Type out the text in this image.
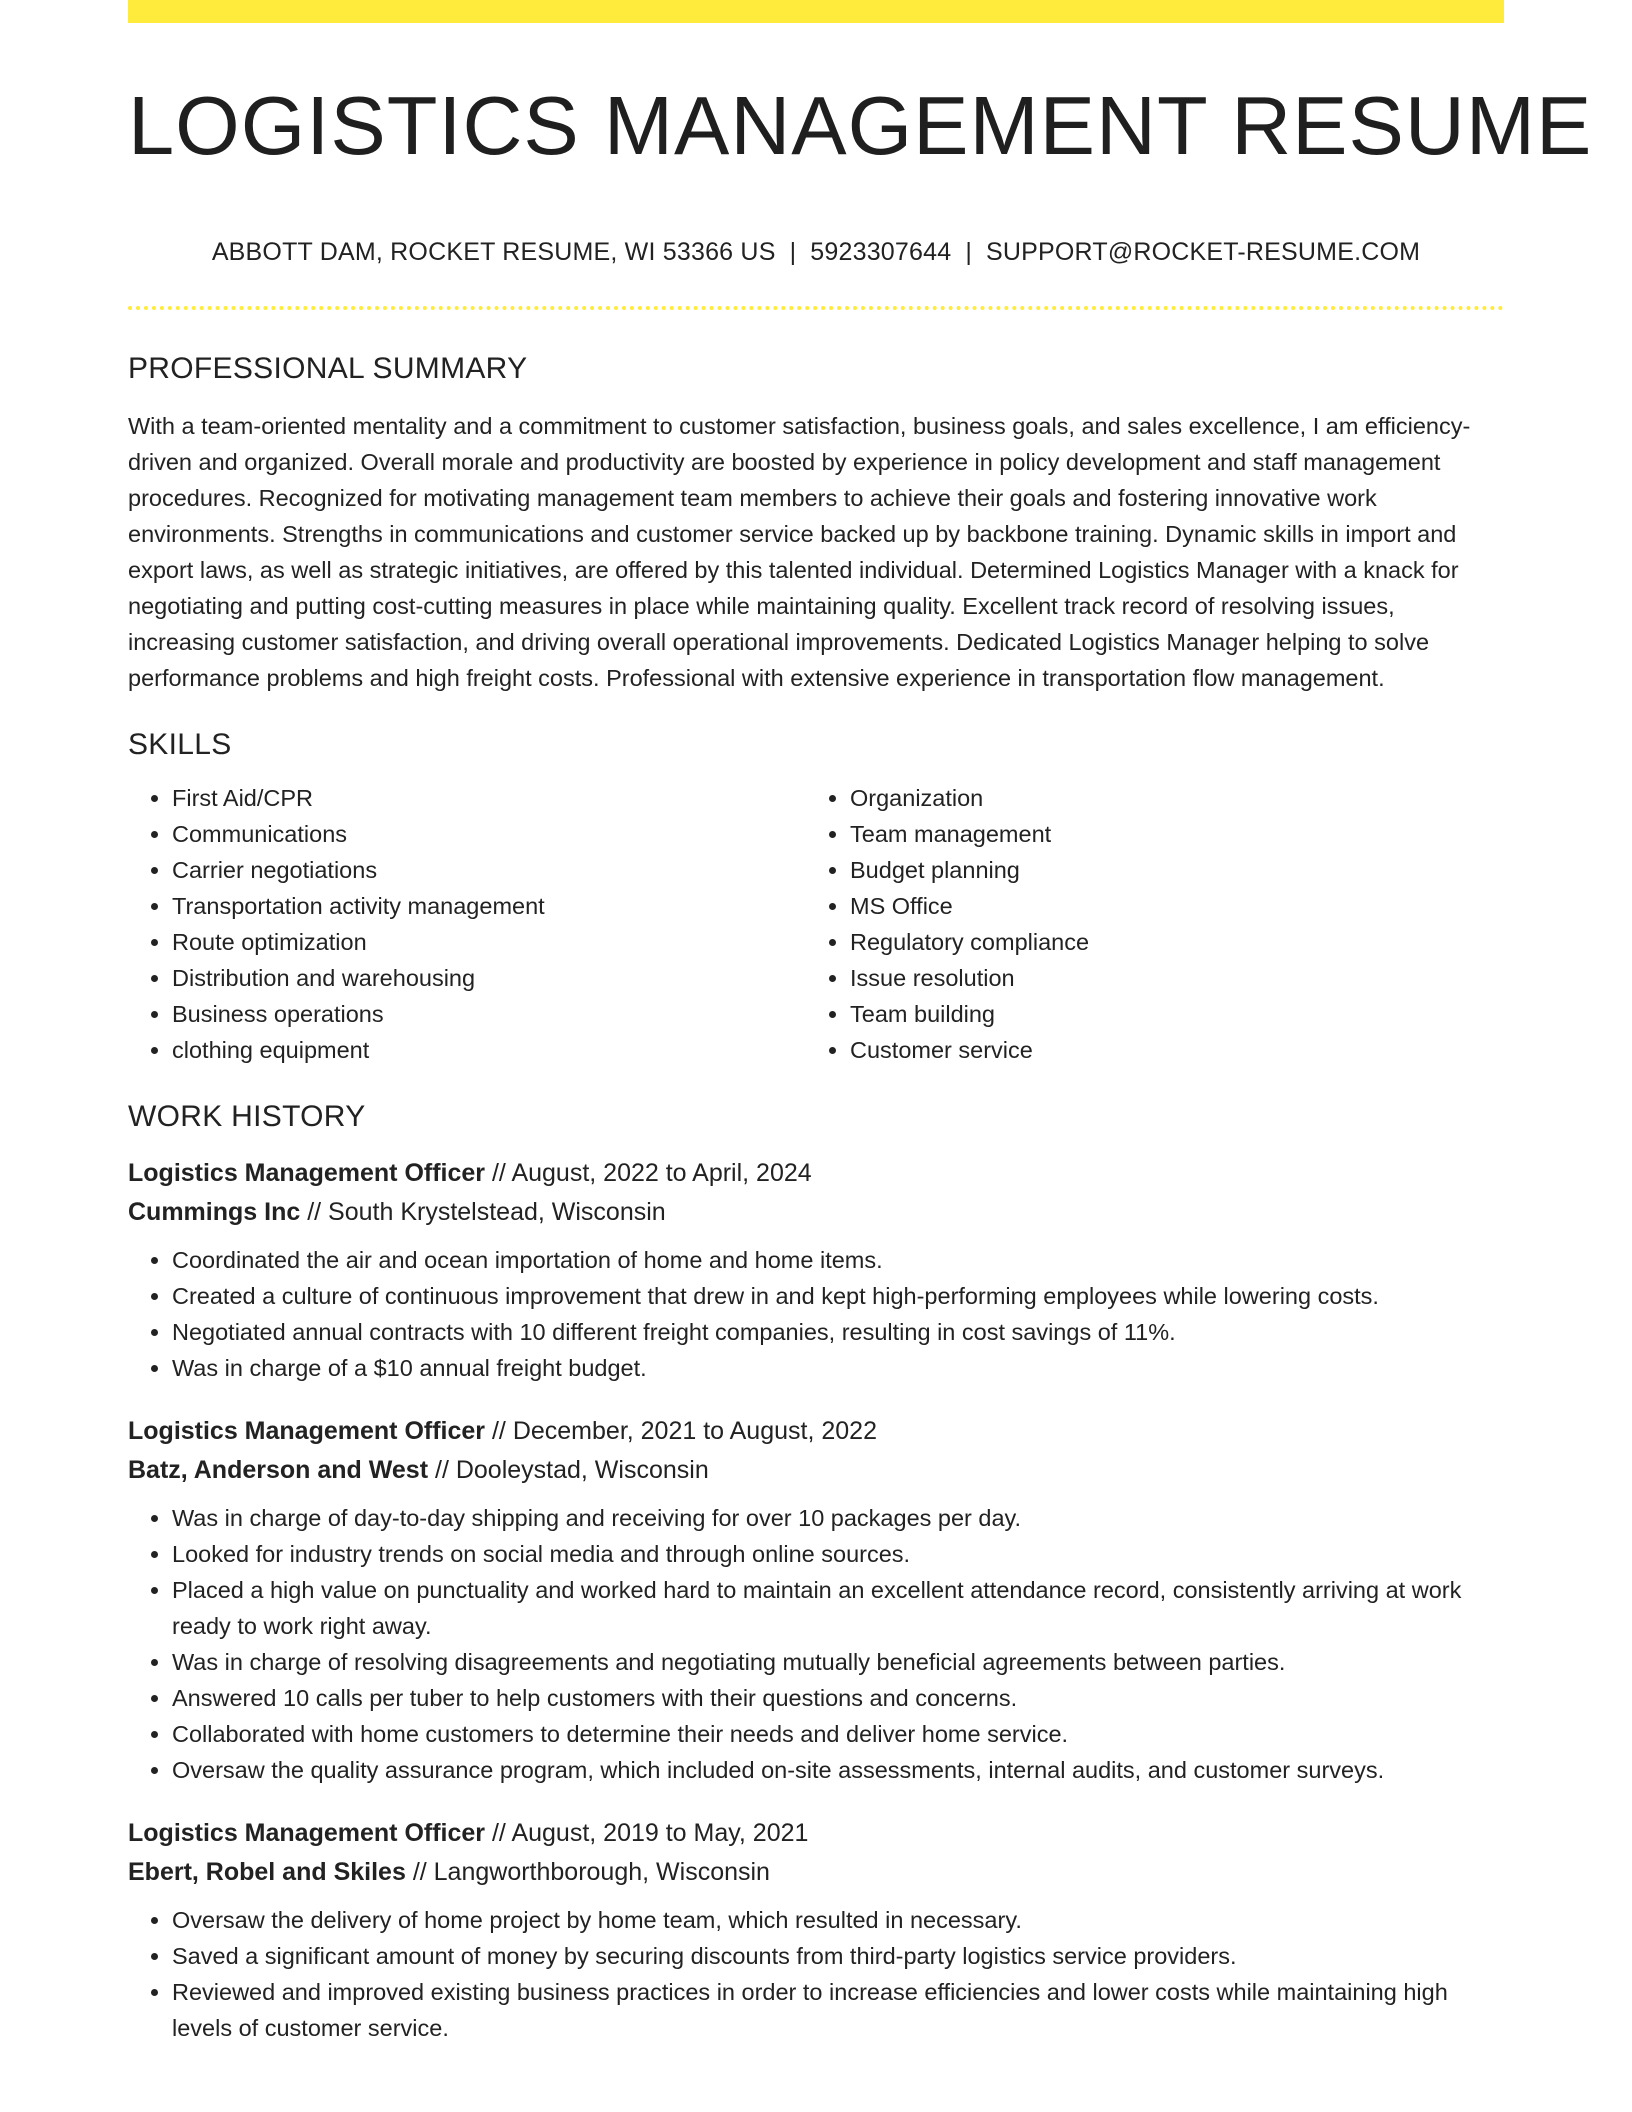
LOGISTICS MANAGEMENT RESUME
ABBOTT DAM, ROCKET RESUME, WI 53366 US | 5923307644 | SUPPORT@ROCKET-RESUME.COM
PROFESSIONAL SUMMARY

With a team-oriented mentality and a commitment to customer satisfaction, business goals, and sales excellence, I am efficiency-driven and organized. Overall morale and productivity are boosted by experience in policy development and staff management procedures. Recognized for motivating management team members to achieve their goals and fostering innovative work environments. Strengths in communications and customer service backed up by backbone training. Dynamic skills in import and export laws, as well as strategic initiatives, are offered by this talented individual. Determined Logistics Manager with a knack for negotiating and putting cost-cutting measures in place while maintaining quality. Excellent track record of resolving issues, increasing customer satisfaction, and driving overall operational improvements. Dedicated Logistics Manager helping to solve performance problems and high freight costs. Professional with extensive experience in transportation flow management.

SKILLS
• First Aid/CPR
• Communications
• Carrier negotiations
• Transportation activity management
• Route optimization
• Distribution and warehousing
• Business operations
• clothing equipment
• Organization
• Team management
• Budget planning
• MS Office
• Regulatory compliance
• Issue resolution
• Team building
• Customer service
WORK HISTORY
Logistics Management Officer // August, 2022 to April, 2024
Cummings Inc // South Krystelstead, Wisconsin
• Coordinated the air and ocean importation of home and home items.
• Created a culture of continuous improvement that drew in and kept high-performing employees while lowering costs.
• Negotiated annual contracts with 10 different freight companies, resulting in cost savings of 11%.
• Was in charge of a $10 annual freight budget.
Logistics Management Officer // December, 2021 to August, 2022
Batz, Anderson and West // Dooleystad, Wisconsin
• Was in charge of day-to-day shipping and receiving for over 10 packages per day.
• Looked for industry trends on social media and through online sources.
• Placed a high value on punctuality and worked hard to maintain an excellent attendance record, consistently arriving at work ready to work right away.
• Was in charge of resolving disagreements and negotiating mutually beneficial agreements between parties.
• Answered 10 calls per tuber to help customers with their questions and concerns.
• Collaborated with home customers to determine their needs and deliver home service.
• Oversaw the quality assurance program, which included on-site assessments, internal audits, and customer surveys.
Logistics Management Officer // August, 2019 to May, 2021
Ebert, Robel and Skiles // Langworthborough, Wisconsin
• Oversaw the delivery of home project by home team, which resulted in necessary.
• Saved a significant amount of money by securing discounts from third-party logistics service providers.
• Reviewed and improved existing business practices in order to increase efficiencies and lower costs while maintaining high levels of customer service.
